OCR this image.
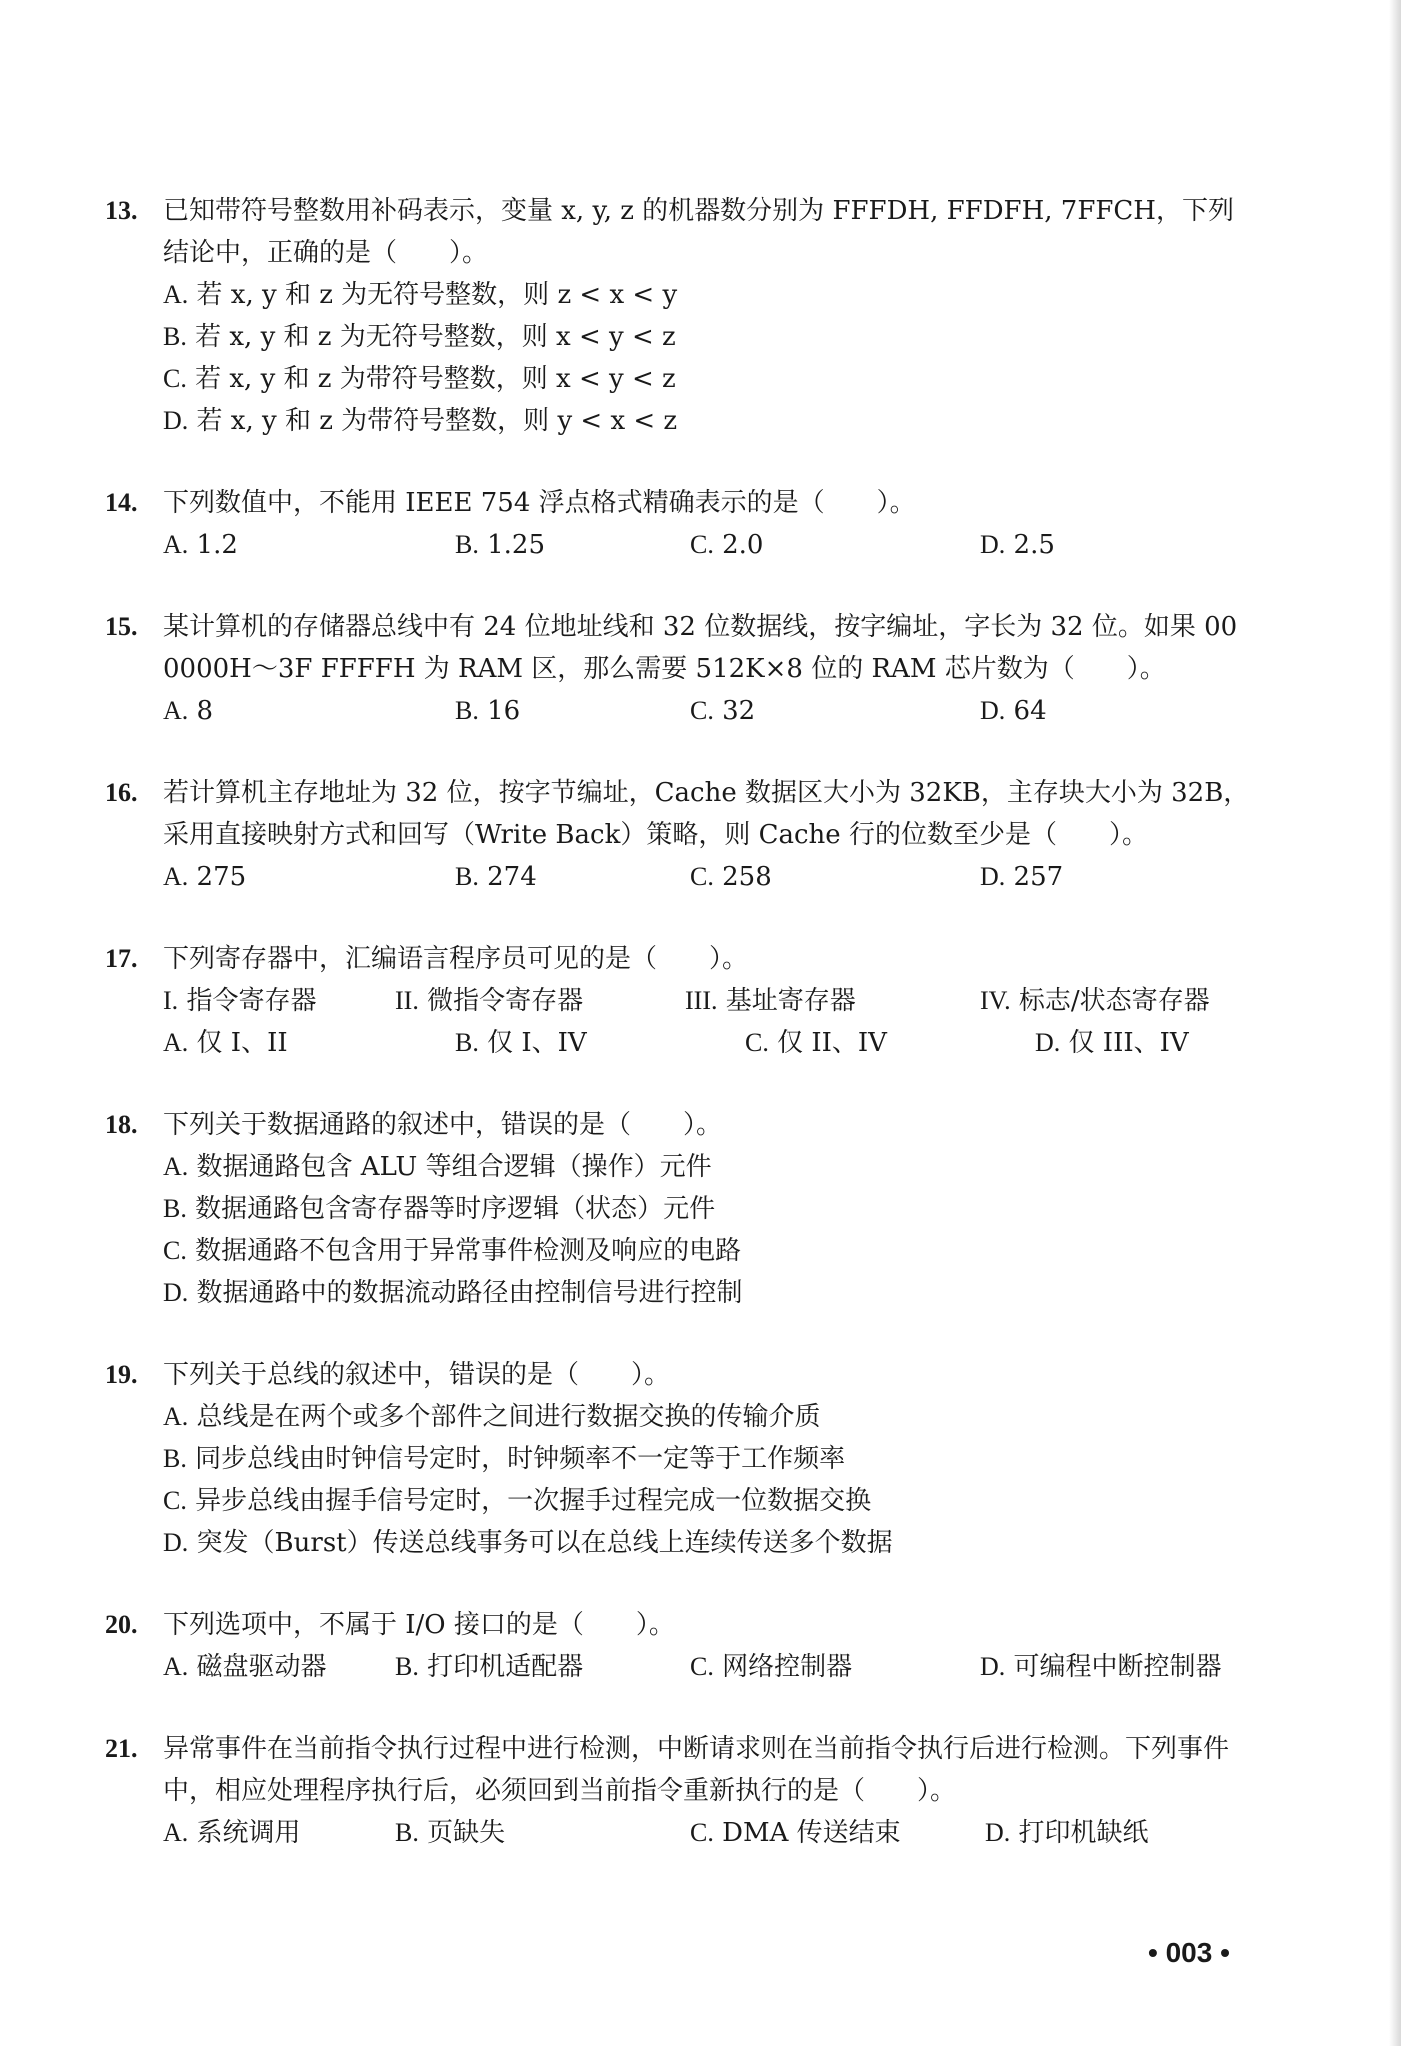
13. 已知带符号整数用补码表示，变量 x, y, z 的机器数分别为 FFFDH, FFDFH, 7FFCH，下列结论中，正确的是（　　）。
A. 若 x, y 和 z 为无符号整数，则 z < x < y
B. 若 x, y 和 z 为无符号整数，则 x < y < z
C. 若 x, y 和 z 为带符号整数，则 x < y < z
D. 若 x, y 和 z 为带符号整数，则 y < x < z
14. 下列数值中，不能用 IEEE 754 浮点格式精确表示的是（　　）。
A. 1.2	B. 1.25	C. 2.0	D. 2.5
15. 某计算机的存储器总线中有 24 位地址线和 32 位数据线，按字编址，字长为 32 位。如果 00 0000H～3F FFFFH 为 RAM 区，那么需要 512K×8 位的 RAM 芯片数为（　　）。
A. 8	B. 16	C. 32	D. 64
16. 若计算机主存地址为 32 位，按字节编址，Cache 数据区大小为 32KB，主存块大小为 32B，采用直接映射方式和回写（Write Back）策略，则 Cache 行的位数至少是（　　）。
A. 275	B. 274	C. 258	D. 257
17. 下列寄存器中，汇编语言程序员可见的是（　　）。
I. 指令寄存器	II. 微指令寄存器	III. 基址寄存器	IV. 标志/状态寄存器
A. 仅 I、II	B. 仅 I、IV	C. 仅 II、IV	D. 仅 III、IV
18. 下列关于数据通路的叙述中，错误的是（　　）。
A. 数据通路包含 ALU 等组合逻辑（操作）元件
B. 数据通路包含寄存器等时序逻辑（状态）元件
C. 数据通路不包含用于异常事件检测及响应的电路
D. 数据通路中的数据流动路径由控制信号进行控制
19. 下列关于总线的叙述中，错误的是（　　）。
A. 总线是在两个或多个部件之间进行数据交换的传输介质
B. 同步总线由时钟信号定时，时钟频率不一定等于工作频率
C. 异步总线由握手信号定时，一次握手过程完成一位数据交换
D. 突发（Burst）传送总线事务可以在总线上连续传送多个数据
20. 下列选项中，不属于 I/O 接口的是（　　）。
A. 磁盘驱动器	B. 打印机适配器	C. 网络控制器	D. 可编程中断控制器
21. 异常事件在当前指令执行过程中进行检测，中断请求则在当前指令执行后进行检测。下列事件中，相应处理程序执行后，必须回到当前指令重新执行的是（　　）。
A. 系统调用	B. 页缺失	C. DMA 传送结束	D. 打印机缺纸
• 003 •
